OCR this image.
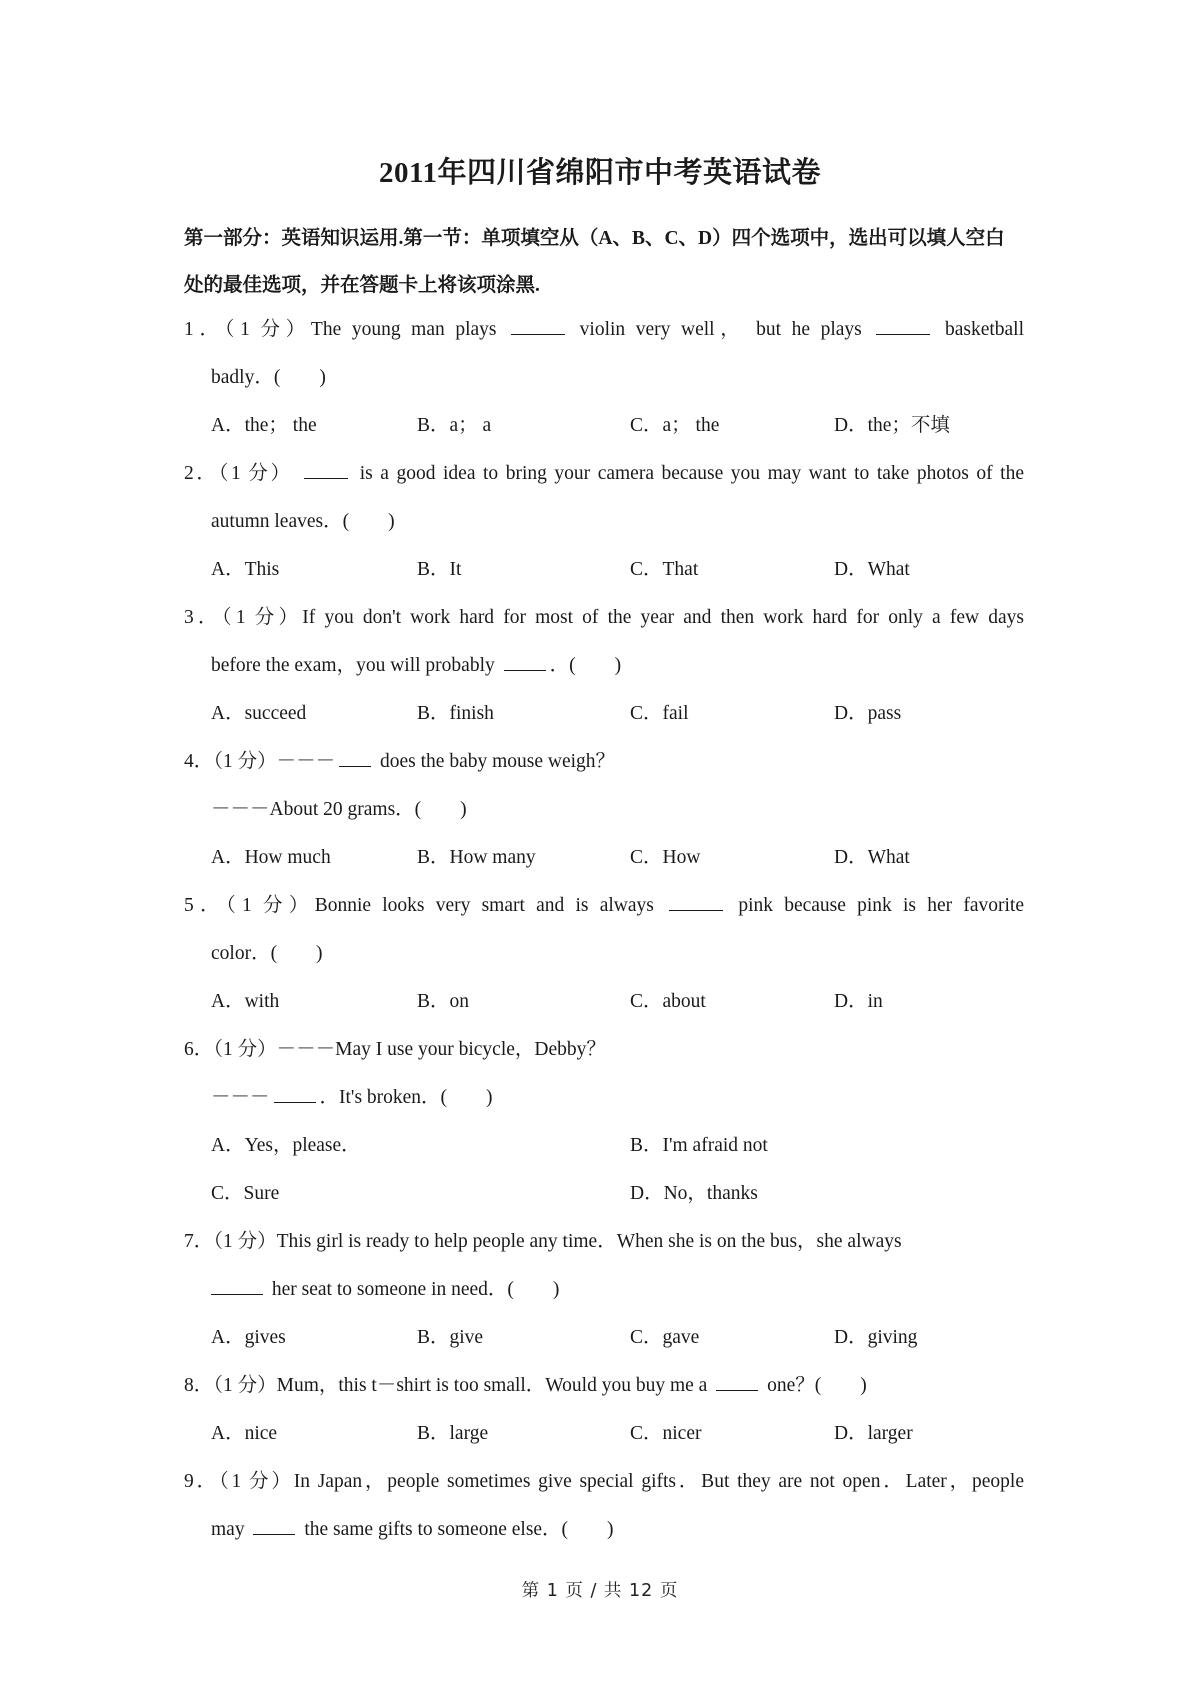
2011年四川省绵阳市中考英语试卷
第一部分：英语知识运用.第一节：单项填空从（A、B、C、D）四个选项中，选出可以填人空白处的最佳选项，并在答题卡上将该项涂黑.
1．（1 分）The young man plays	violin very well， but he plays	basketball
badly．(　　)
A．the； the	B．a； a	C．a； the	D．the；不填
2．（1 分）	is a good idea to bring your camera because you may want to take photos of the
autumn leaves．(　　)
A．This	B．It	C．That	D．What
3．（1 分）If you don't work hard for most of the year and then work hard for only a few days
before the exam，you will probably	．(　　)
A．succeed	B．finish	C．fail	D．pass
4．（1 分）－－－ does the baby mouse weigh？
－－－About 20 grams．(　　)
A．How much	B．How many	C．How	D．What
5．（1 分）Bonnie looks very smart and is always	pink because pink is her favorite
color．(　　)
A．with	B．on	C．about	D．in
6．（1 分）－－－May I use your bicycle，Debby？
－－－	．It's broken．(　　)
A．Yes，please．	B．I'm afraid not
C．Sure	D．No，thanks
7．（1 分）This girl is ready to help people any time．When she is on the bus，she always
her seat to someone in need．(　　)
A．gives	B．give	C．gave	D．giving
8．（1 分）Mum，this t－shirt is too small．Would you buy me a	one？(　　)
A．nice	B．large	C．nicer	D．larger
9．（1 分）In Japan，people sometimes give special gifts．But they are not open．Later，people
may	the same gifts to someone else．(　　)
第 1 页 / 共 12 页
